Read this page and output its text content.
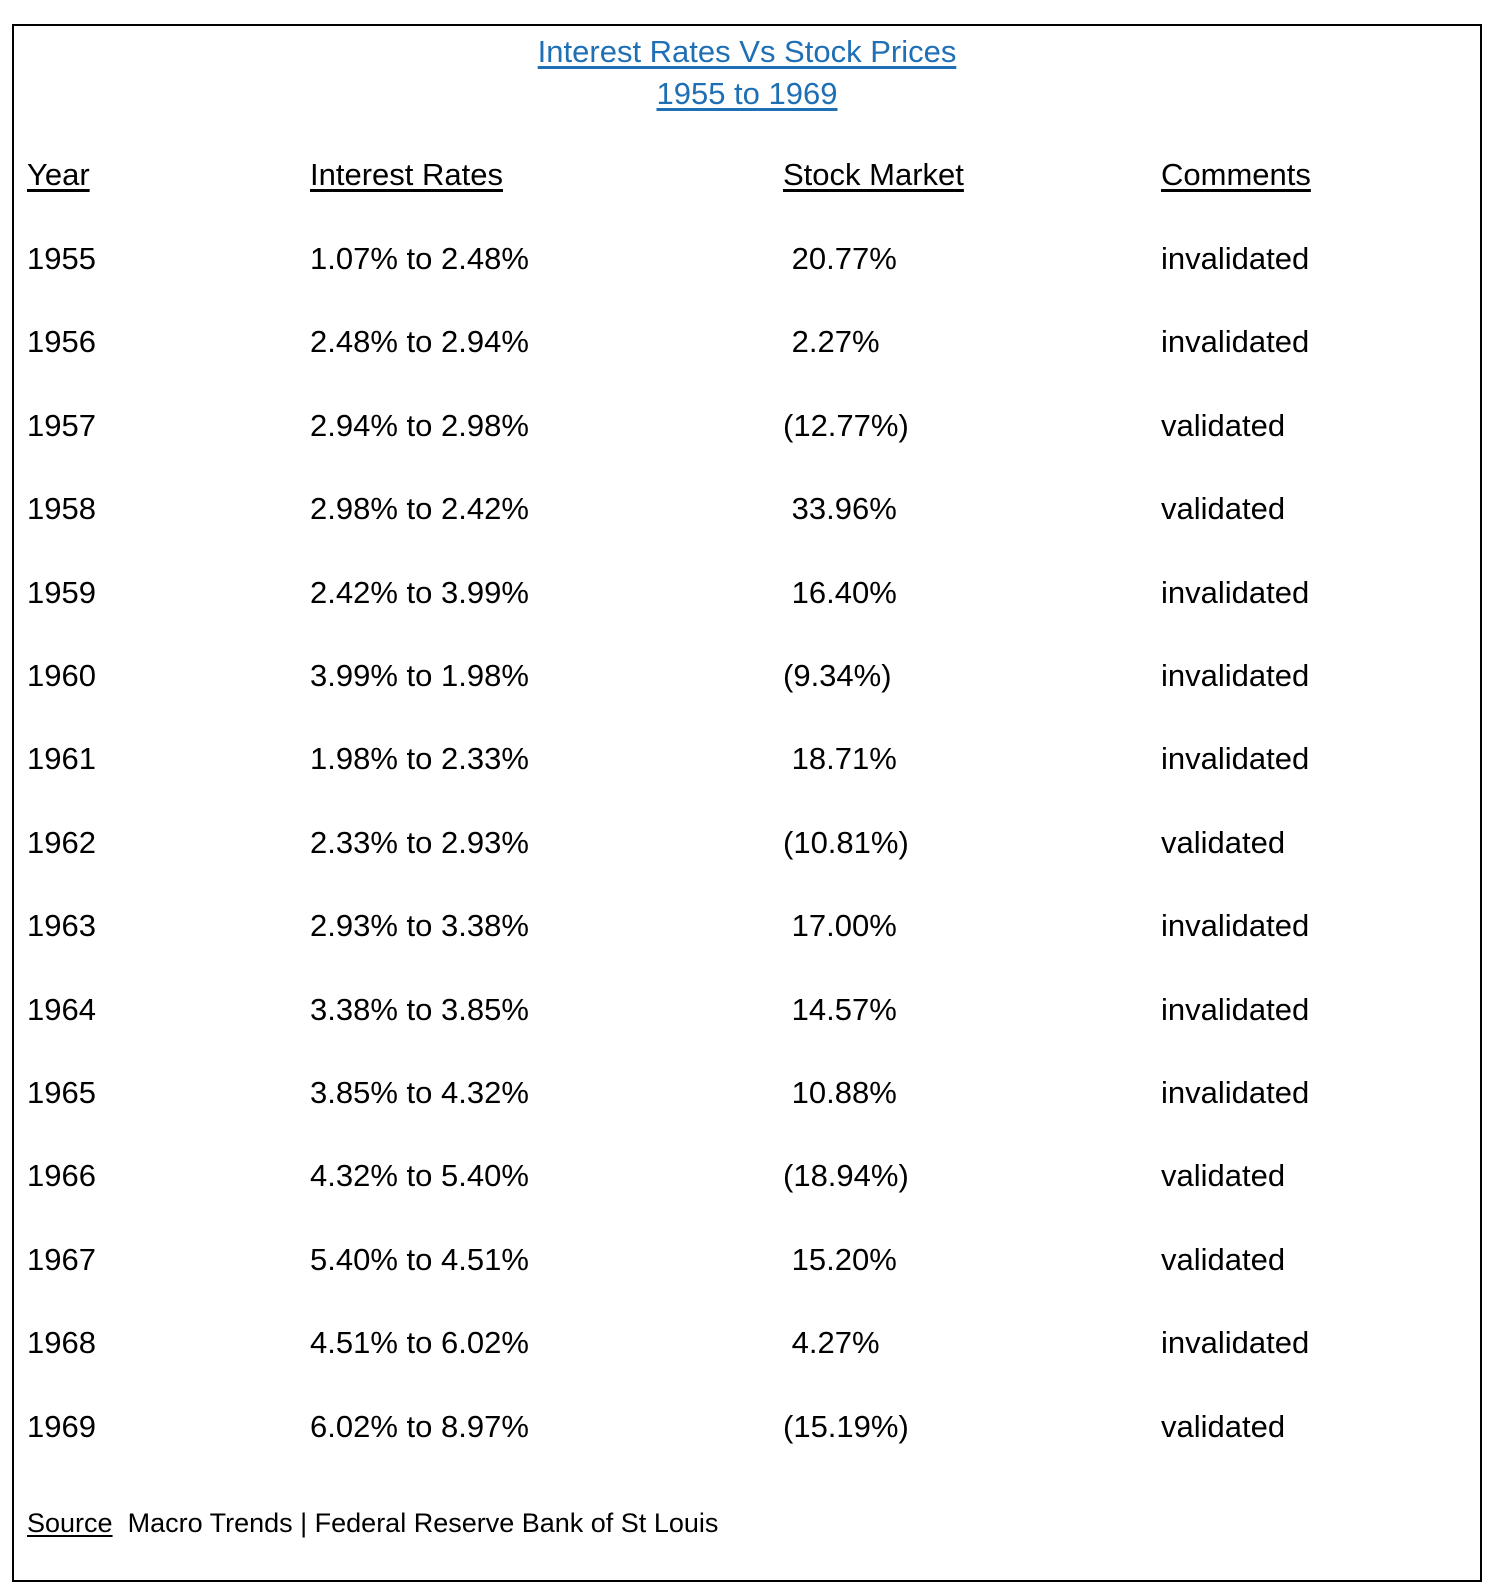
Interest Rates Vs Stock Prices
1955 to 1969
Year	Interest Rates	Stock Market	Comments
1955	1.07% to 2.48%	20.77%	invalidated
1956	2.48% to 2.94%	2.27%	invalidated
1957	2.94% to 2.98%	(12.77%)	validated
1958	2.98% to 2.42%	33.96%	validated
1959	2.42% to 3.99%	16.40%	invalidated
1960	3.99% to 1.98%	(9.34%)	invalidated
1961	1.98% to 2.33%	18.71%	invalidated
1962	2.33% to 2.93%	(10.81%)	validated
1963	2.93% to 3.38%	17.00%	invalidated
1964	3.38% to 3.85%	14.57%	invalidated
1965	3.85% to 4.32%	10.88%	invalidated
1966	4.32% to 5.40%	(18.94%)	validated
1967	5.40% to 4.51%	15.20%	validated
1968	4.51% to 6.02%	4.27%	invalidated
1969	6.02% to 8.97%	(15.19%)	validated
Source Macro Trends | Federal Reserve Bank of St Louis
